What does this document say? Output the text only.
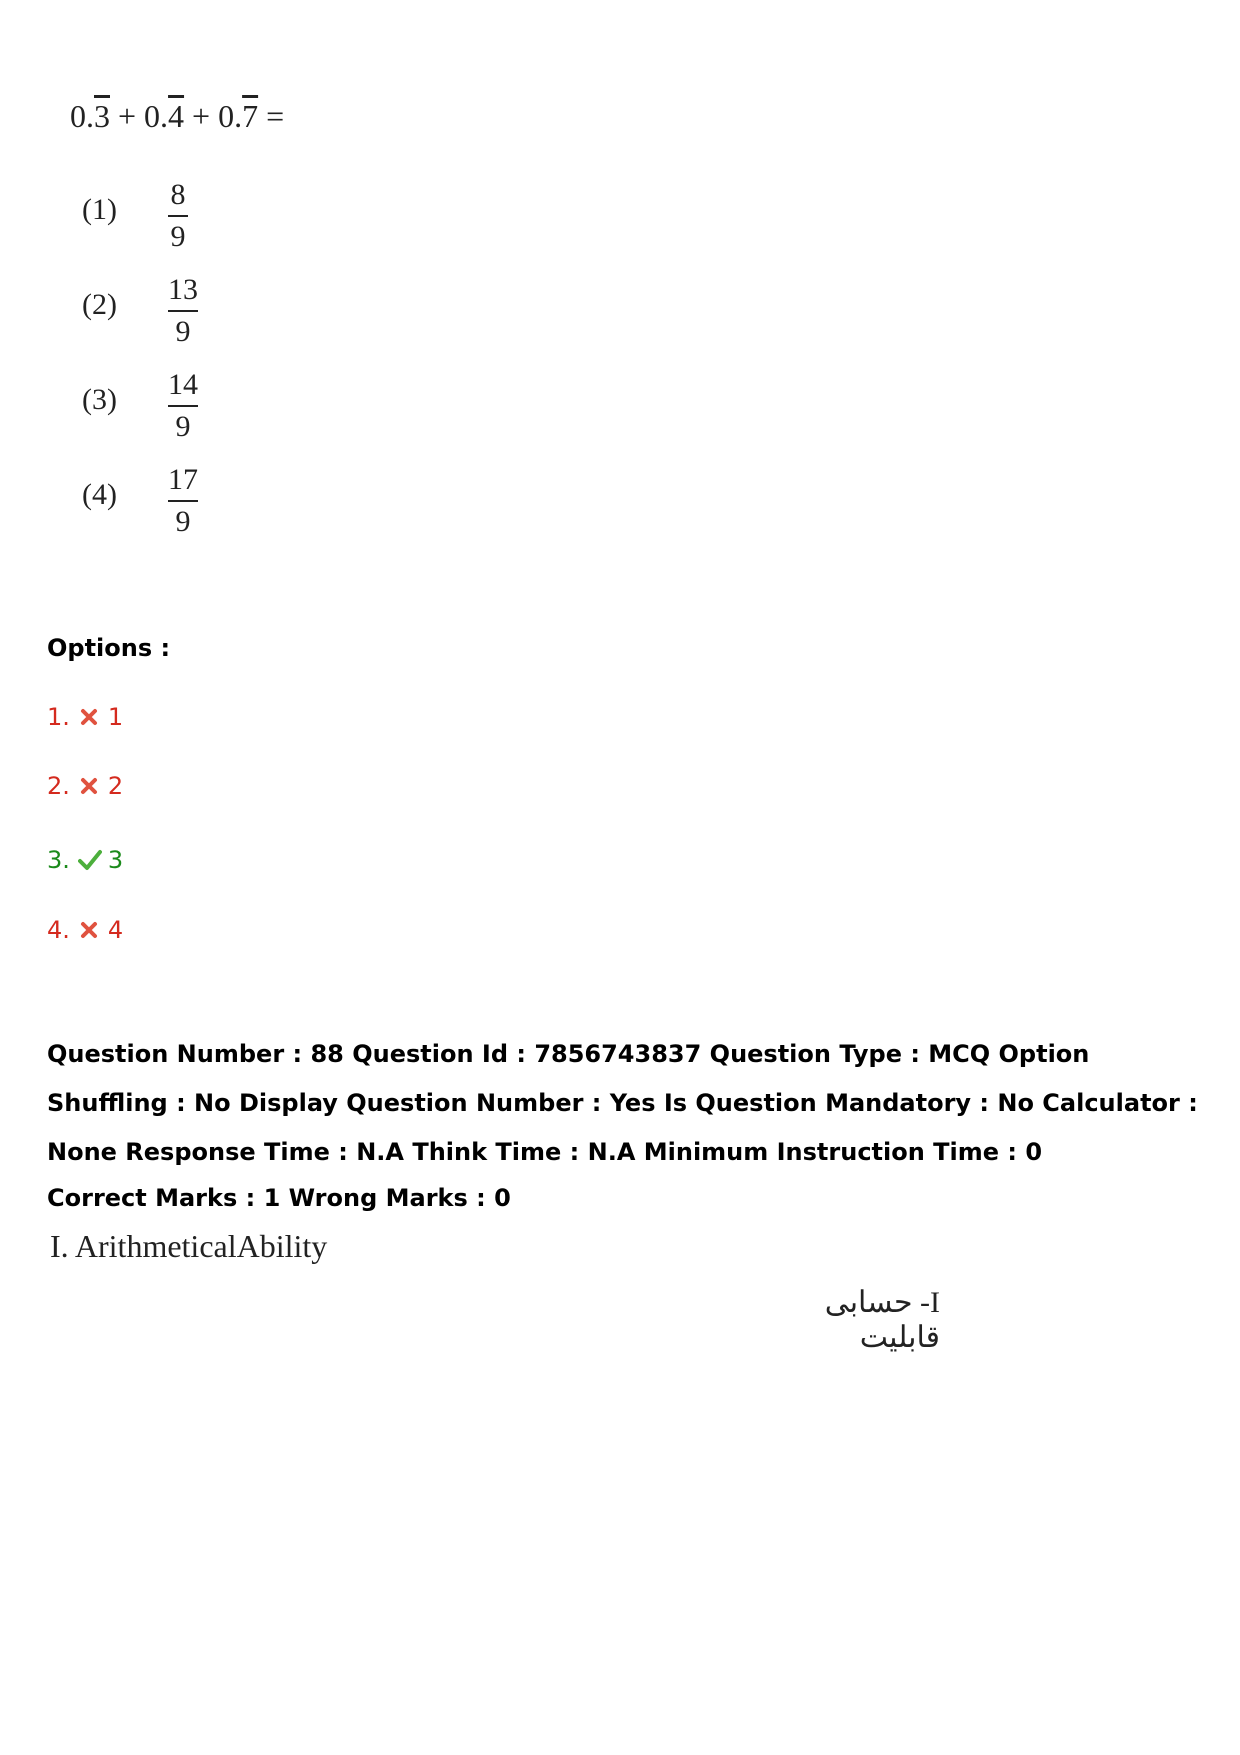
0.3 + 0.4 + 0.7 =
(1) 8
9
(2) 13
9
(3) 14
9
(4) 17
9
Options :
1. 1
2. 2
3. 3
4. 4
Question Number : 88 Question Id : 7856743837 Question Type : MCQ Option Shuffling : No Display Question Number : Yes Is Question Mandatory : No Calculator : None Response Time : N.A Think Time : N.A Minimum Instruction Time : 0
Correct Marks : 1 Wrong Marks : 0
I. ArithmeticalAbility
I- حسابی قابلیت
